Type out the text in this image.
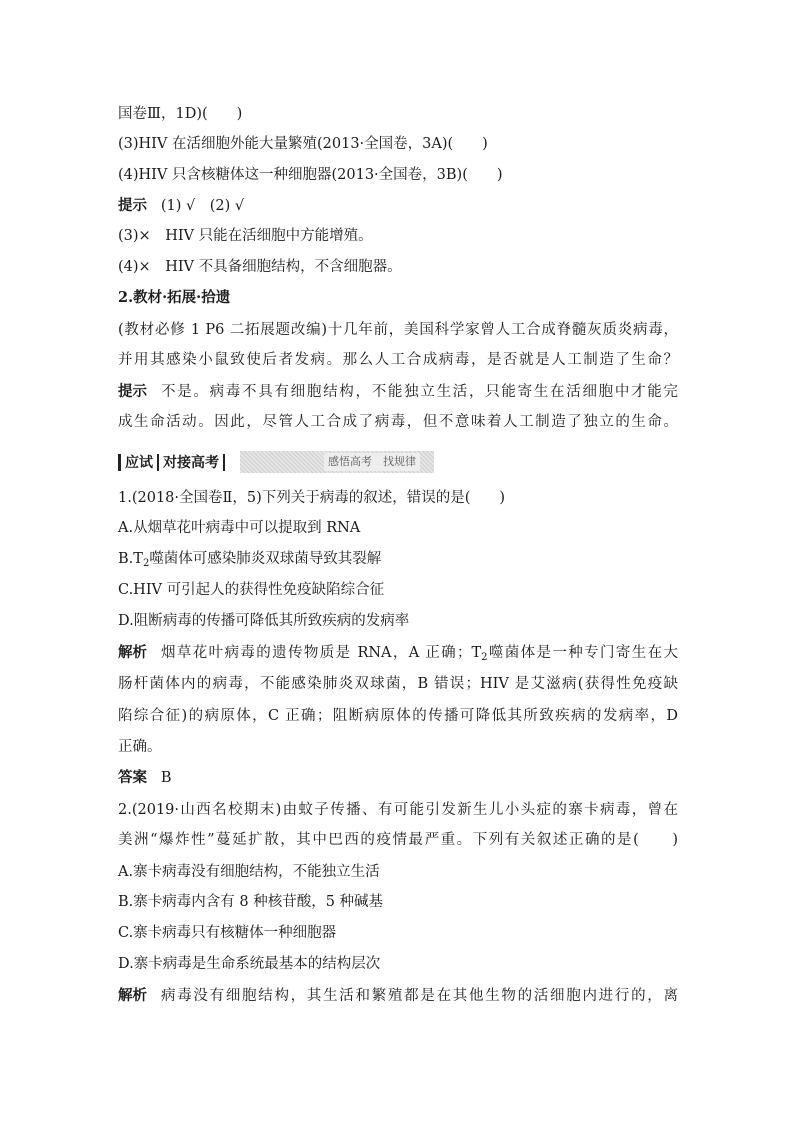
国卷Ⅲ，1D)(　　)
(3)HIV 在活细胞外能大量繁殖(2013·全国卷，3A)(　　)
(4)HIV 只含核糖体这一种细胞器(2013·全国卷，3B)(　　)
提示 (1) √　(2) √
(3)×　HIV 只能在活细胞中方能增殖。
(4)×　HIV 不具备细胞结构，不含细胞器。
2.教材·拓展·拾遗
(教材必修 1 P6 二拓展题改编)十几年前，美国科学家曾人工合成脊髓灰质炎病毒，
并用其感染小鼠致使后者发病。那么人工合成病毒，是否就是人工制造了生命？
提示 不是。病毒不具有细胞结构，不能独立生活，只能寄生在活细胞中才能完
成生命活动。因此，尽管人工合成了病毒，但不意味着人工制造了独立的生命。
应试 对接高考	感悟高考　找规律
1.(2018·全国卷Ⅱ，5)下列关于病毒的叙述，错误的是(　　)
A.从烟草花叶病毒中可以提取到 RNA
$B.T_2$噬菌体可感染肺炎双球菌导致其裂解
C.HIV 可引起人的获得性免疫缺陷综合征
D.阻断病毒的传播可降低其所致疾病的发病率
解析 烟草花叶病毒的遗传物质是 RNA，A 正确；$T_2$噬菌体是一种专门寄生在大
肠杆菌体内的病毒，不能感染肺炎双球菌，B 错误；HIV 是艾滋病(获得性免疫缺
陷综合征)的病原体，C 正确；阻断病原体的传播可降低其所致疾病的发病率，D
正确。
答案 B
2.(2019·山西名校期末)由蚊子传播、有可能引发新生儿小头症的寨卡病毒，曾在
美洲“爆炸性”蔓延扩散，其中巴西的疫情最严重。下列有关叙述正确的是(　　)
A.寨卡病毒没有细胞结构，不能独立生活
B.寨卡病毒内含有 8 种核苷酸，5 种碱基
C.寨卡病毒只有核糖体一种细胞器
D.寨卡病毒是生命系统最基本的结构层次
解析 病毒没有细胞结构，其生活和繁殖都是在其他生物的活细胞内进行的，离
